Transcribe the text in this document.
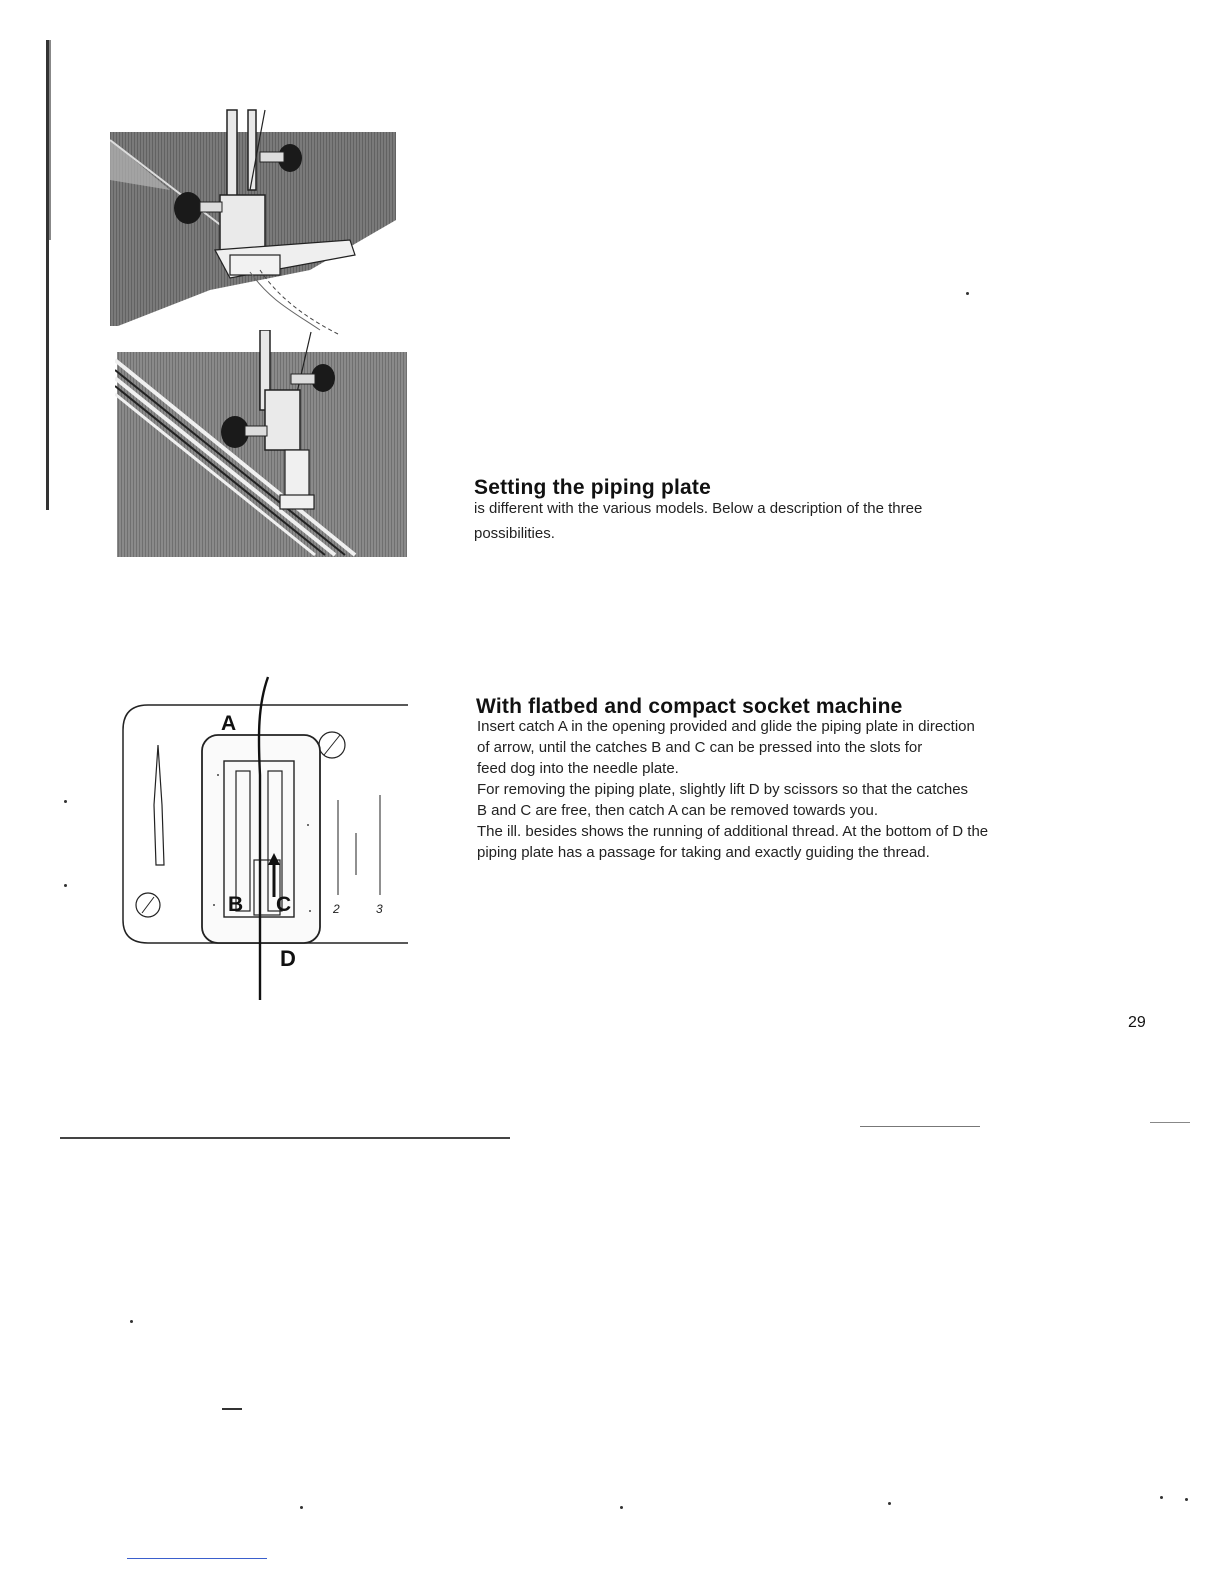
Setting the piping plate
is different with the various models. Below a description of the three
possibilities.
A
B C
D
2	3
With flatbed and compact socket machine
Insert catch A in the opening provided and glide the piping plate in direction
of arrow, until the catches B and C can be pressed into the slots for
feed dog into the needle plate.
For removing the piping plate, slightly lift D by scissors so that the catches
B and C are free, then catch A can be removed towards you.
The ill. besides shows the running of additional thread. At the bottom of D the
piping plate has a passage for taking and exactly guiding the thread.
29
